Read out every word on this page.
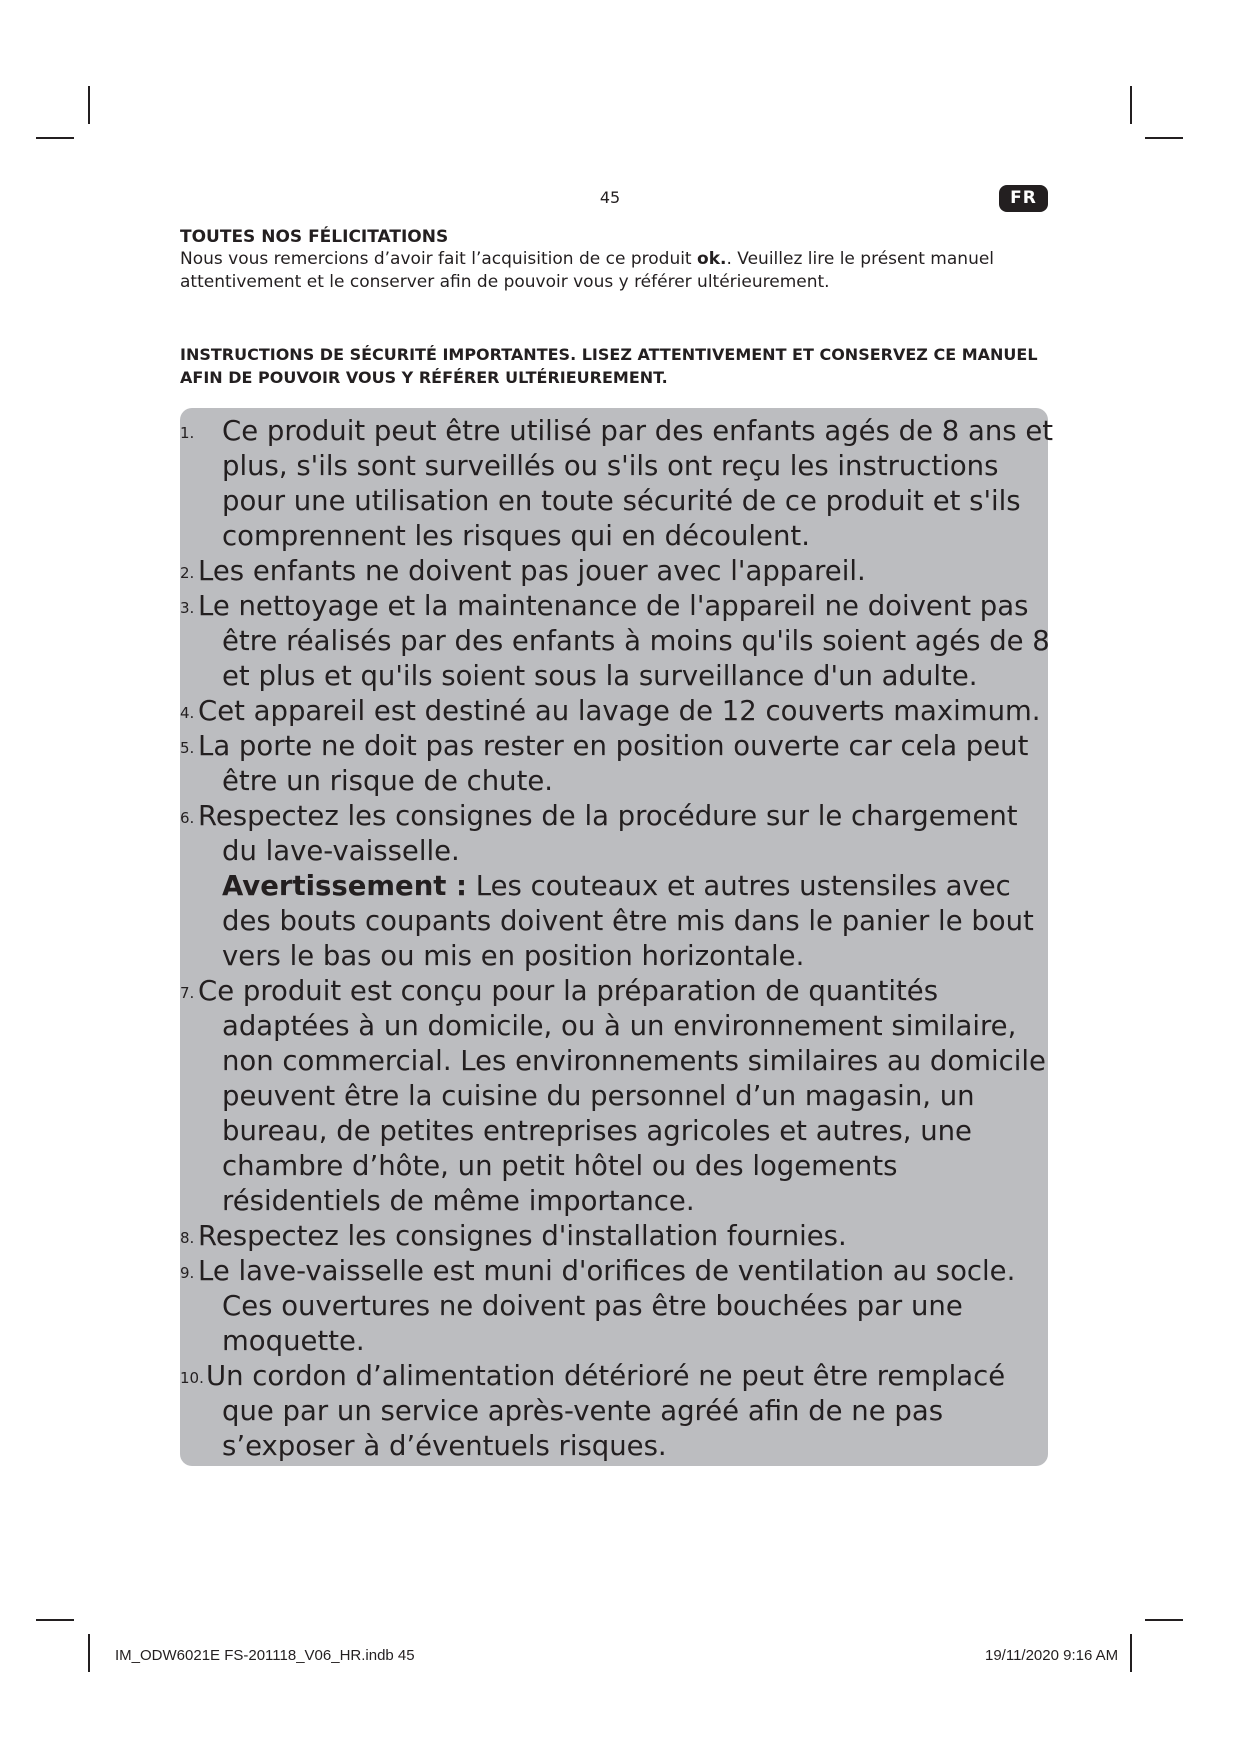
45	FR
TOUTES NOS FÉLICITATIONS

Nous vous remercions d’avoir fait l’acquisition de ce produit ok.. Veuillez lire le présent manuel attentivement et le conserver afin de pouvoir vous y référer ultérieurement.

INSTRUCTIONS DE SÉCURITÉ IMPORTANTES. LISEZ ATTENTIVEMENT ET CONSERVEZ CE MANUEL AFIN DE POUVOIR VOUS Y RÉFÉRER ULTÉRIEUREMENT.

1. Ce produit peut être utilisé par des enfants agés de 8 ans et plus, s'ils sont surveillés ou s'ils ont reçu les instructions pour une utilisation en toute sécurité de ce produit et s'ils comprennent les risques qui en découlent.
2. Les enfants ne doivent pas jouer avec l'appareil.
3. Le nettoyage et la maintenance de l'appareil ne doivent pas
être réalisés par des enfants à moins qu'ils soient agés de 8 et plus et qu'ils soient sous la surveillance d'un adulte.
4. Cet appareil est destiné au lavage de 12 couverts maximum.
5. La porte ne doit pas rester en position ouverte car cela peut
être un risque de chute.
6. Respectez les consignes de la procédure sur le chargement
du lave-vaisselle.
Avertissement : Les couteaux et autres ustensiles avec des bouts coupants doivent être mis dans le panier le bout vers le bas ou mis en position horizontale.
7. Ce produit est conçu pour la préparation de quantités
adaptées à un domicile, ou à un environnement similaire, non commercial. Les environnements similaires au domicile peuvent être la cuisine du personnel d’un magasin, un bureau, de petites entreprises agricoles et autres, une chambre d’hôte, un petit hôtel ou des logements résidentiels de même importance.
8. Respectez les consignes d'installation fournies.
9. Le lave-vaisselle est muni d'orifices de ventilation au socle.
Ces ouvertures ne doivent pas être bouchées par une moquette.
10. Un cordon d’alimentation détérioré ne peut être remplacé
que par un service après-vente agréé afin de ne pas s’exposer à d’éventuels risques.
IM_ODW6021E FS-201118_V06_HR.indb 45	19/11/2020 9:16 AM
